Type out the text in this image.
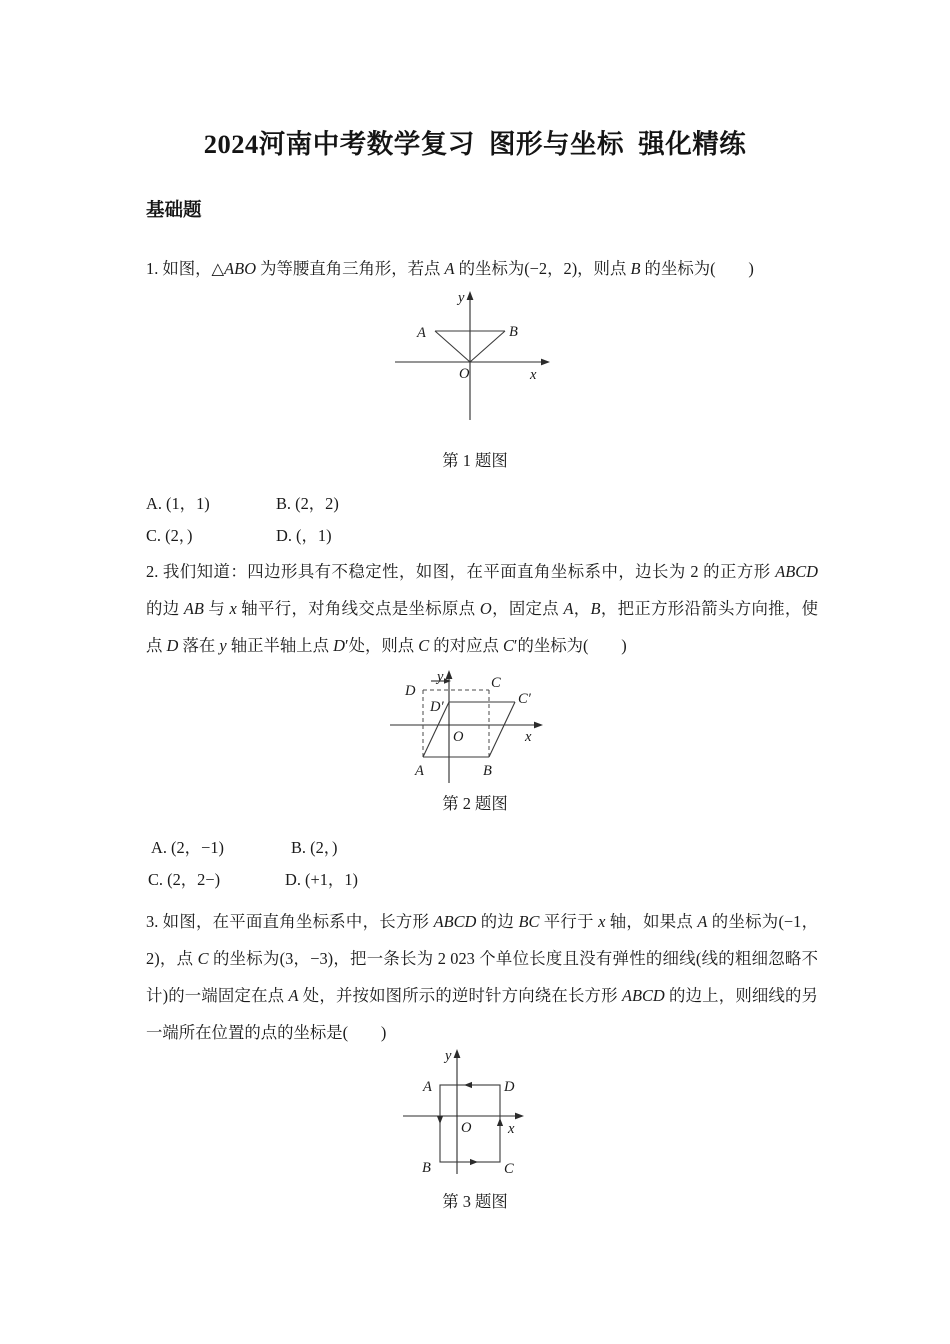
2024河南中考数学复习  图形与坐标  强化精练
基础题
1. 如图，△ABO 为等腰直角三角形，若点 A 的坐标为(−2，2)，则点 B 的坐标为(　　)
A	B
O	x
y
第 1 题图
A. (1，1)	B. (2，2)
C. (2，)	D. (，1)
2. 我们知道：四边形具有不稳定性，如图，在平面直角坐标系中，边长为 2 的正方形 ABCD 的边 AB 与 x 轴平行，对角线交点是坐标原点 O，固定点 A，B，把正方形沿箭头方向推，使点 D 落在 y 轴正半轴上点 D′处，则点 C 的对应点 C′的坐标为(　　)
D	C
D′	C′
A	B
O	x
y
第 2 题图
A. (2，−1)	B. (2，)
C. (2，2−)	D. (+1，1)
3. 如图，在平面直角坐标系中，长方形 ABCD 的边 BC 平行于 x 轴，如果点 A 的坐标为(−1，2)，点 C 的坐标为(3，−3)，把一条长为 2 023 个单位长度且没有弹性的细线(线的粗细忽略不计)的一端固定在点 A 处，并按如图所示的逆时针方向绕在长方形 ABCD 的边上，则细线的另一端所在位置的点的坐标是(　　)
A	D
B	C
O	x
y
第 3 题图
